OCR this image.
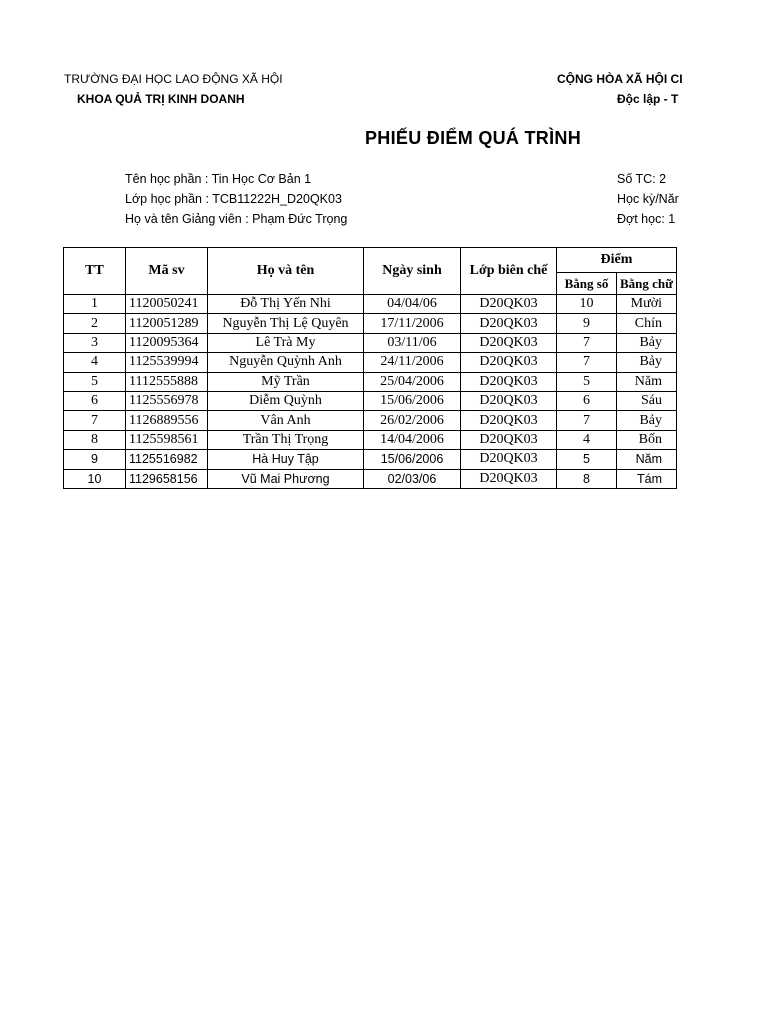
TRƯỜNG ĐẠI HỌC LAO ĐỘNG XÃ HỘI
KHOA QUẢ TRỊ KINH DOANH
CỘNG HÒA XÃ HỘI CI
Độc lập - T
PHIẾU ĐIỂM QUÁ TRÌNH
Tên học phần : Tin Học Cơ Bản 1
Lớp học phần : TCB11222H_D20QK03
Họ và tên Giảng viên : Phạm Đức Trọng
Số TC: 2
Học kỳ/Năr
Đợt học: 1
TT	Mã sv	Họ và tên	Ngày sinh	Lớp biên chế	Điểm	
					Bằng số	Bằng chữ
1	1120050241	Đỗ Thị Yến Nhi	04/04/06	D20QK03	10	Mười
2	1120051289	Nguyễn Thị Lệ Quyên	17/11/2006	D20QK03	9	Chín
3	1120095364	Lê Trà My	03/11/06	D20QK03	7	Bảy
4	1125539994	Nguyễn Quỳnh Anh	24/11/2006	D20QK03	7	Bảy
5	1112555888	Mỹ Trần	25/04/2006	D20QK03	5	Năm
6	1125556978	Diễm Quỳnh	15/06/2006	D20QK03	6	Sáu
7	1126889556	Vân Anh	26/02/2006	D20QK03	7	Bảy
8	1125598561	Trần Thị Trọng	14/04/2006	D20QK03	4	Bốn
9	1125516982	Hà Huy Tập	15/06/2006	D20QK03	5	Năm
10	1129658156	Vũ Mai Phương	02/03/06	D20QK03	8	Tám
